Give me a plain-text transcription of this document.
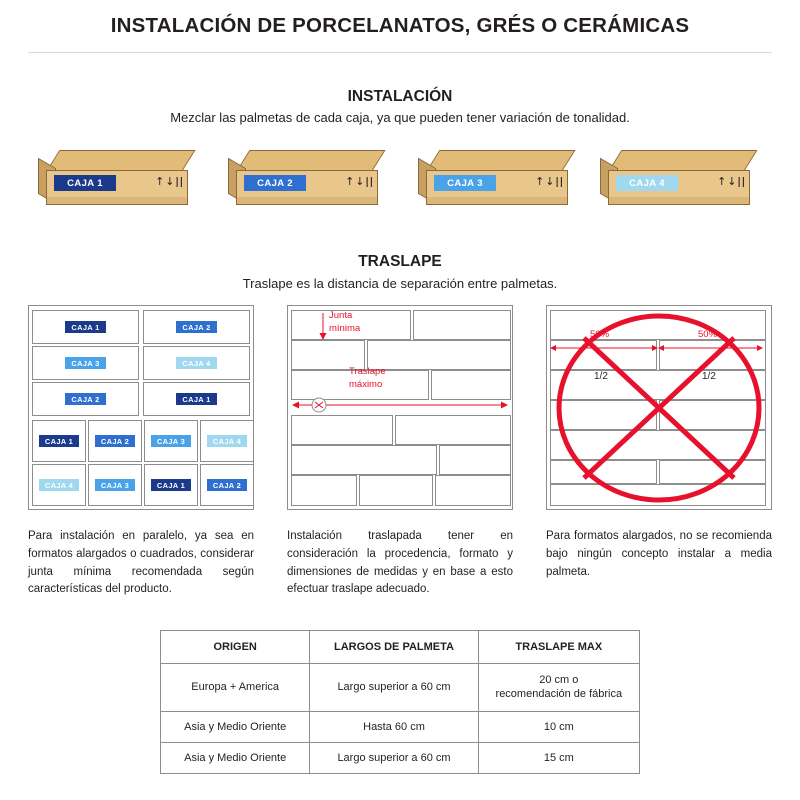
INSTALACIÓN DE PORCELANATOS, GRÉS O CERÁMICAS
INSTALACIÓN
Mezclar las palmetas de cada caja, ya que pueden tener variación de tonalidad.
CAJA 1	↑↓ǀǀ	CAJA 2	↑↓ǀǀ	CAJA 3	↑↓ǀǀ	CAJA 4	↑↓ǀǀ
TRASLAPE
Traslape es la distancia de separación entre palmetas.
CAJA 1	CAJA 2
CAJA 3	CAJA 4
CAJA 2	CAJA 1
CAJA 1	CAJA 2	CAJA 3	CAJA 4
CAJA 4	CAJA 3	CAJA 1	CAJA 2
Junta
mínima
Traslape
máximo
50%	50%
1/2	1/2
Para instalación en paralelo, ya sea en formatos alargados o cuadrados, considerar junta mínima recomendada según características del producto.
Instalación traslapada tener en consideración la procedencia, formato y dimensiones de medidas y en base a esto efectuar traslape adecuado.
Para formatos alargados, no se recomienda bajo ningún concepto instalar a media palmeta.
ORIGEN	LARGOS DE PALMETA	TRASLAPE MAX
Europa + America	Largo superior a 60 cm	20 cm o
recomendación de fábrica

Asia y Medio Oriente	Hasta 60 cm	10 cm
Asia y Medio Oriente	Largo superior a 60 cm	15 cm
